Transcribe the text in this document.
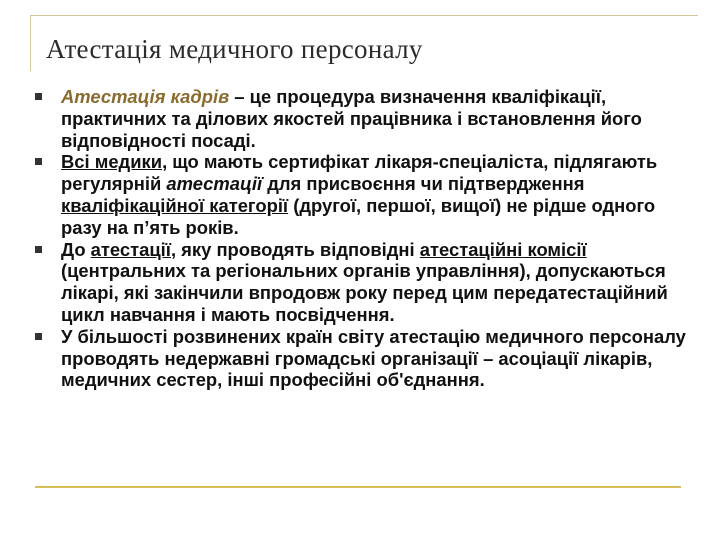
Атестація медичного персоналу
Атестація кадрів – це процедура визначення кваліфікації, практичних та ділових якостей працівника і встановлення його відповідності посаді.
Всі медики, що мають сертифікат лікаря-спеціаліста, підлягають регулярній атестації для присвоєння чи підтвердження кваліфікаційної категорії (другої, першої, вищої) не рідше одного разу на п’ять років.
До атестації, яку проводять відповідні атестаційні комісії (центральних та регіональних органів управління), допускаються лікарі, які закінчили впродовж року перед цим передатестаційний цикл навчання і мають посвідчення.
У більшості розвинених країн світу атестацію медичного персоналу проводять недержавні громадські організації – асоціації лікарів, медичних сестер, інші професійні об'єднання.
